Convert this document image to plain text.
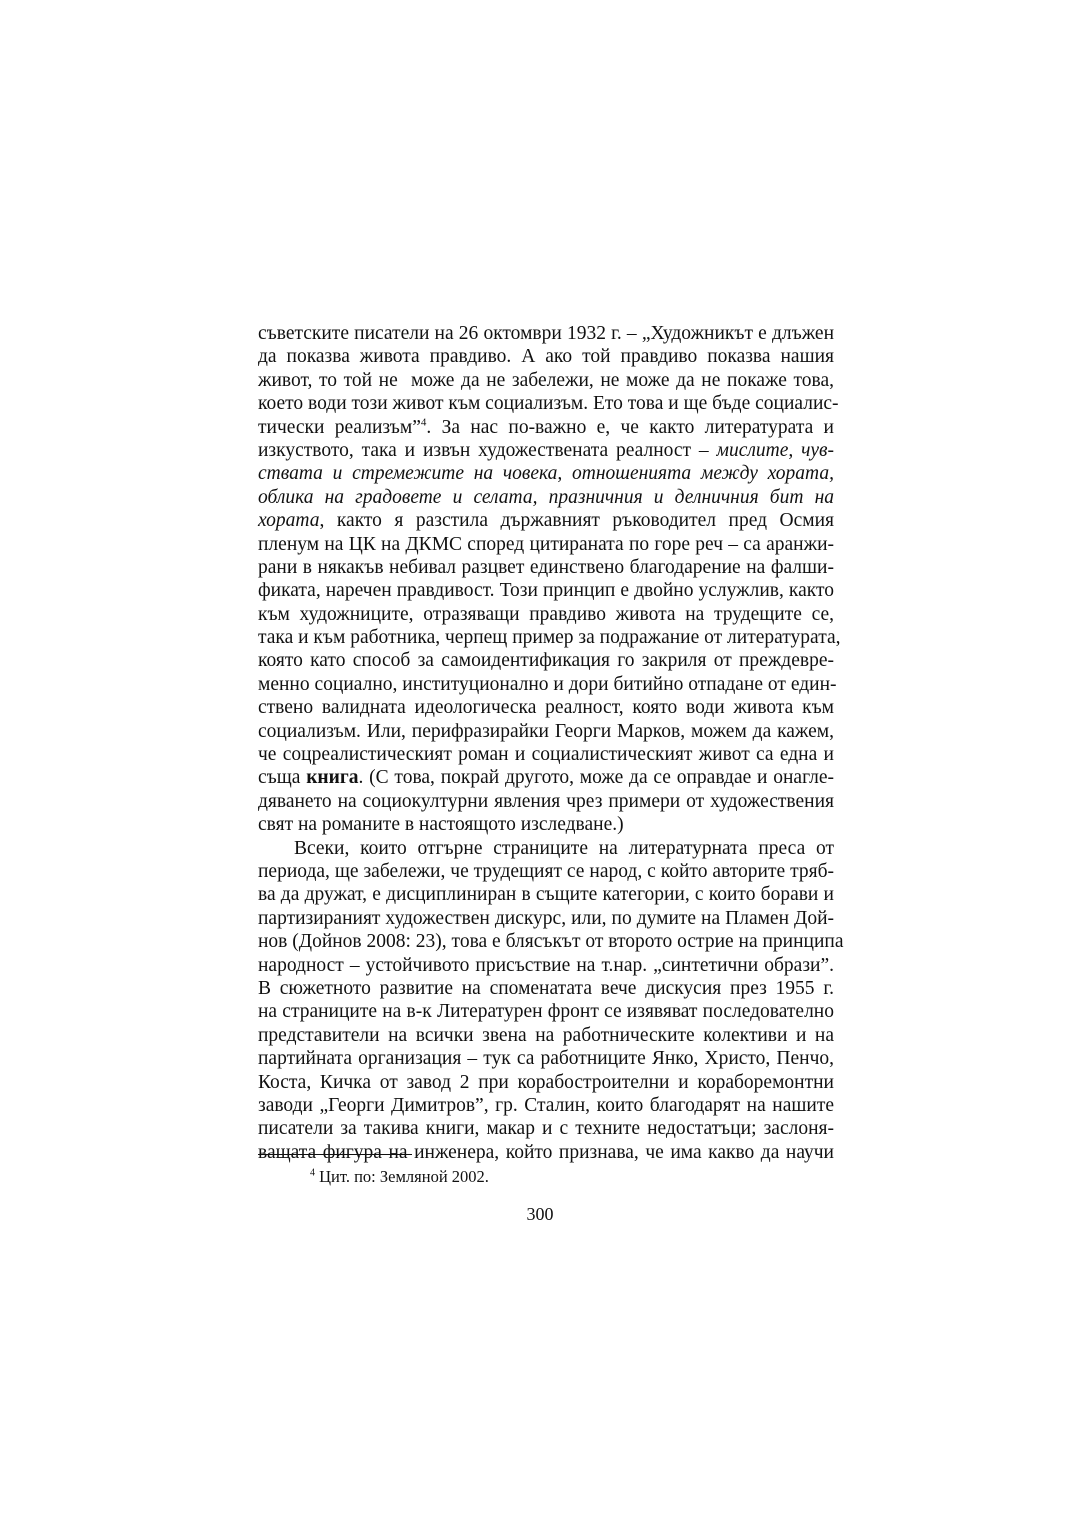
съветските писатели на 26 октомври 1932 г. – „Художникът е длъжен
да показва живота правдиво. А ако той правдиво показва нашия
живот, то той не  може да не забележи, не може да не покаже това,
което води този живот към социализъм. Ето това и ще бъде социалис-
тически реализъм”$^4$. За нас по-важно е, че както литературата и
изкуството, така и извън художествената реалност – мислите, чув-
ствата и стремежите на човека, отношенията между хората,
облика на градовете и селата, празничния и делничния бит на
хората, както я разстила държавният ръководител пред Осмия
пленум на ЦК на ДКМС според цитираната по горе реч – са аранжи-
рани в някакъв небивал разцвет единствено благодарение на фалши-
фиката, наречен правдивост. Този принцип е двойно услужлив, както
към художниците, отразяващи правдиво живота на трудещите се,
така и към работника, черпещ пример за подражание от литературата,
която като способ за самоидентификация го закриля от преждевре-
менно социално, институционално и дори битийно отпадане от един-
ствено валидната идеологическа реалност, която води живота към
социализъм. Или, перифразирайки Георги Марков, можем да кажем,
че соцреалистическият роман и социалистическият живот са една и
съща книга. (С това, покрай другото, може да се оправдае и онагле-
дяването на социокултурни явления чрез примери от художествения
свят на романите в настоящото изследване.)
Всеки, които отгърне страниците на литературната преса от
периода, ще забележи, че трудещият се народ, с който авторите тряб-
ва да дружат, е дисциплиниран в същите категории, с които борави и
партизираният художествен дискурс, или, по думите на Пламен Дой-
нов (Дойнов 2008: 23), това е блясъкът от второто острие на принципа
народност – устойчивото присъствие на т.нар. „синтетични образи”.
В сюжетното развитие на споменатата вече дискусия през 1955 г.
на страниците на в-к Литературен фронт се изявяват последователно
представители на всички звена на работническите колективи и на
партийната организация – тук са работниците Янко, Христо, Пенчо,
Коста, Кичка от завод 2 при корабостроителни и кораборемонтни
заводи „Георги Димитров”, гр. Сталин, които благодарят на нашите
писатели за такива книги, макар и с техните недостатъци; заслоня-
ващата фигура на инженера, който признава, че има какво да научи
$^4$ Цит. по: Земляной 2002.
300
